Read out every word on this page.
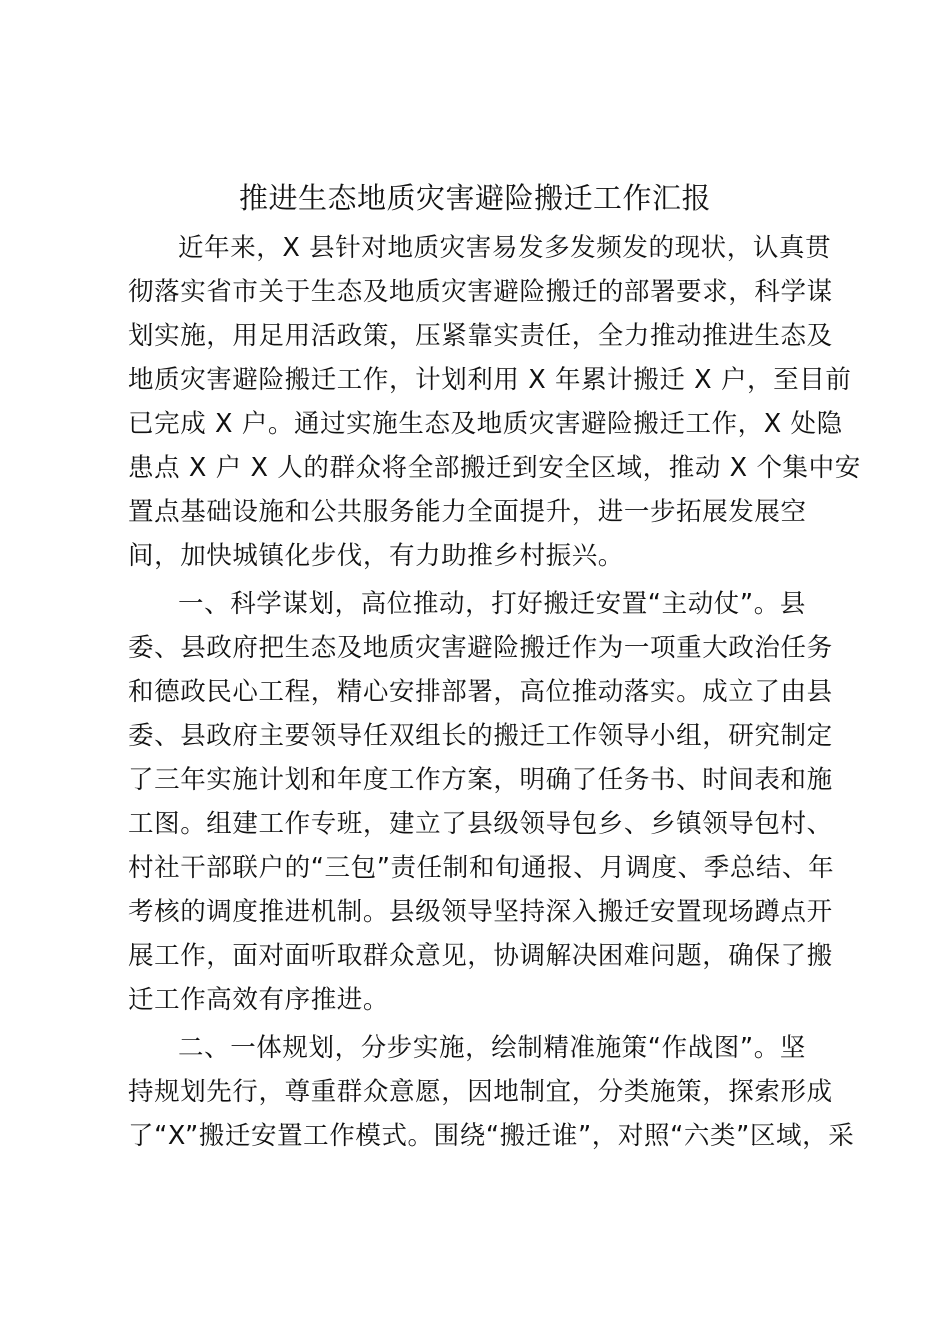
推进生态地质灾害避险搬迁工作汇报
近年来，X 县针对地质灾害易发多发频发的现状，认真贯
彻落实省市关于生态及地质灾害避险搬迁的部署要求，科学谋
划实施，用足用活政策，压紧靠实责任，全力推动推进生态及
地质灾害避险搬迁工作，计划利用 X 年累计搬迁 X 户，至目前
已完成 X 户。通过实施生态及地质灾害避险搬迁工作，X 处隐
患点 X 户 X 人的群众将全部搬迁到安全区域，推动 X 个集中安
置点基础设施和公共服务能力全面提升，进一步拓展发展空
间，加快城镇化步伐，有力助推乡村振兴。
一、科学谋划，高位推动，打好搬迁安置“主动仗”。县
委、县政府把生态及地质灾害避险搬迁作为一项重大政治任务
和德政民心工程，精心安排部署，高位推动落实。成立了由县
委、县政府主要领导任双组长的搬迁工作领导小组，研究制定
了三年实施计划和年度工作方案，明确了任务书、时间表和施
工图。组建工作专班，建立了县级领导包乡、乡镇领导包村、
村社干部联户的“三包”责任制和旬通报、月调度、季总结、年
考核的调度推进机制。县级领导坚持深入搬迁安置现场蹲点开
展工作，面对面听取群众意见，协调解决困难问题，确保了搬
迁工作高效有序推进。
二、一体规划，分步实施，绘制精准施策“作战图”。坚
持规划先行，尊重群众意愿，因地制宜，分类施策，探索形成
了“X”搬迁安置工作模式。围绕“搬迁谁”，对照“六类”区域，采
